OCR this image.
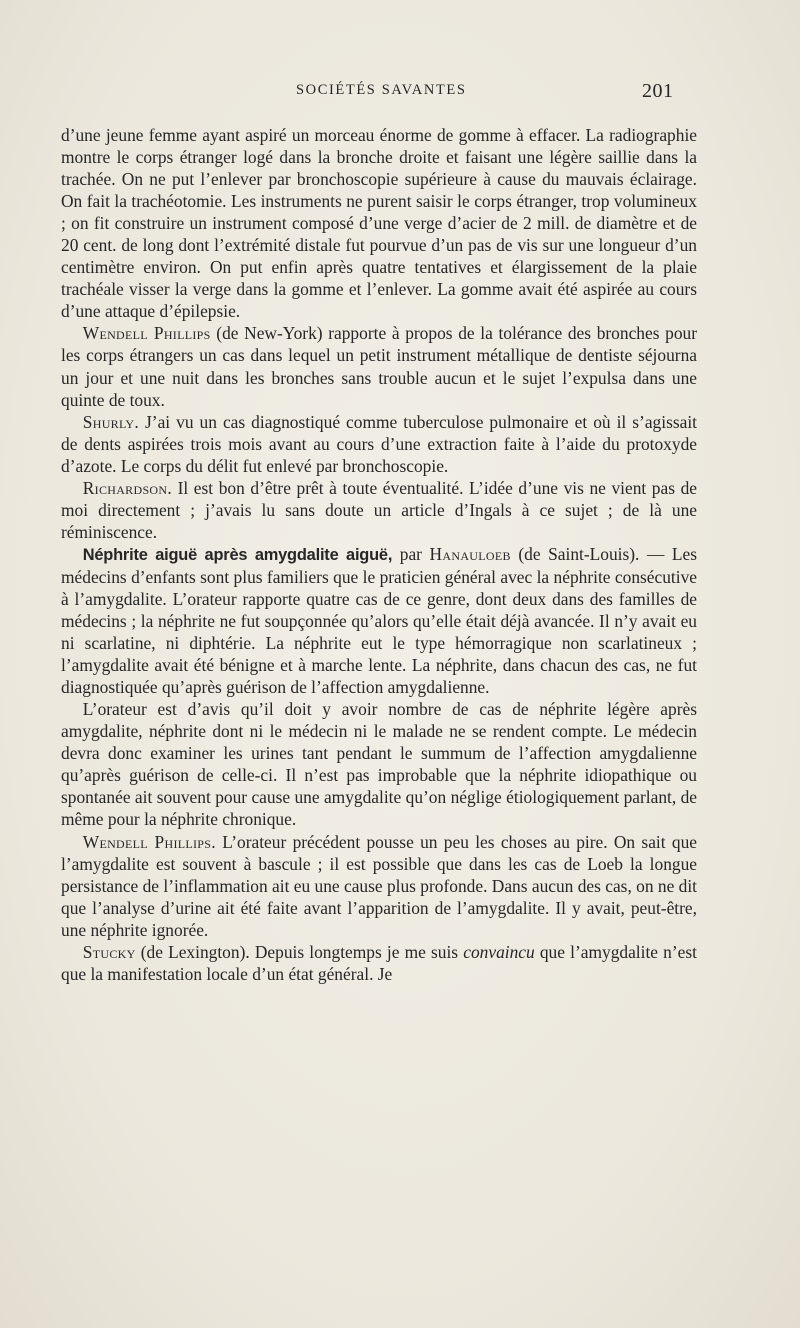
SOCIÉTÉS SAVANTES	201

d’une jeune femme ayant aspiré un morceau énorme de gomme à effacer. La radiographie montre le corps étranger logé dans la bronche droite et faisant une légère saillie dans la trachée. On ne put l’enlever par bronchoscopie supérieure à cause du mauvais éclairage. On fait la trachéotomie. Les instruments ne purent saisir le corps étranger, trop volumineux ; on fit construire un instrument composé d’une verge d’acier de 2 mill. de diamètre et de 20 cent. de long dont l’extrémité distale fut pourvue d’un pas de vis sur une longueur d’un centimètre environ. On put enfin après quatre tentatives et élargissement de la plaie trachéale visser la verge dans la gomme et l’enlever. La gomme avait été aspirée au cours d’une attaque d’épilepsie.

Wendell Phillips (de New-York) rapporte à propos de la tolérance des bronches pour les corps étrangers un cas dans lequel un petit instrument métallique de dentiste séjourna un jour et une nuit dans les bronches sans trouble aucun et le sujet l’expulsa dans une quinte de toux.

Shurly. J’ai vu un cas diagnostiqué comme tuberculose pulmonaire et où il s’agissait de dents aspirées trois mois avant au cours d’une extraction faite à l’aide du protoxyde d’azote. Le corps du délit fut enlevé par bronchoscopie.

Richardson. Il est bon d’être prêt à toute éventualité. L’idée d’une vis ne vient pas de moi directement ; j’avais lu sans doute un article d’Ingals à ce sujet ; de là une réminiscence.

Néphrite aiguë après amygdalite aiguë, par Hanauloeb (de Saint-Louis). — Les médecins d’enfants sont plus familiers que le praticien général avec la néphrite consécutive à l’amygdalite. L’orateur rapporte quatre cas de ce genre, dont deux dans des familles de médecins ; la néphrite ne fut soupçonnée qu’alors qu’elle était déjà avancée. Il n’y avait eu ni scarlatine, ni diphtérie. La néphrite eut le type hémorragique non scarlatineux ; l’amygdalite avait été bénigne et à marche lente. La néphrite, dans chacun des cas, ne fut diagnostiquée qu’après guérison de l’affection amygdalienne.

L’orateur est d’avis qu’il doit y avoir nombre de cas de néphrite légère après amygdalite, néphrite dont ni le médecin ni le malade ne se rendent compte. Le médecin devra donc examiner les urines tant pendant le summum de l’affection amygdalienne qu’après guérison de celle-ci. Il n’est pas improbable que la néphrite idiopathique ou spontanée ait souvent pour cause une amygdalite qu’on néglige étiologiquement parlant, de même pour la néphrite chronique.

Wendell Phillips. L’orateur précédent pousse un peu les choses au pire. On sait que l’amygdalite est souvent à bascule ; il est possible que dans les cas de Loeb la longue persistance de l’inflammation ait eu une cause plus profonde. Dans aucun des cas, on ne dit que l’analyse d’urine ait été faite avant l’apparition de l’amygdalite. Il y avait, peut-être, une néphrite ignorée.

Stucky (de Lexington). Depuis longtemps je me suis convaincu que l’amygdalite n’est que la manifestation locale d’un état général. Je
